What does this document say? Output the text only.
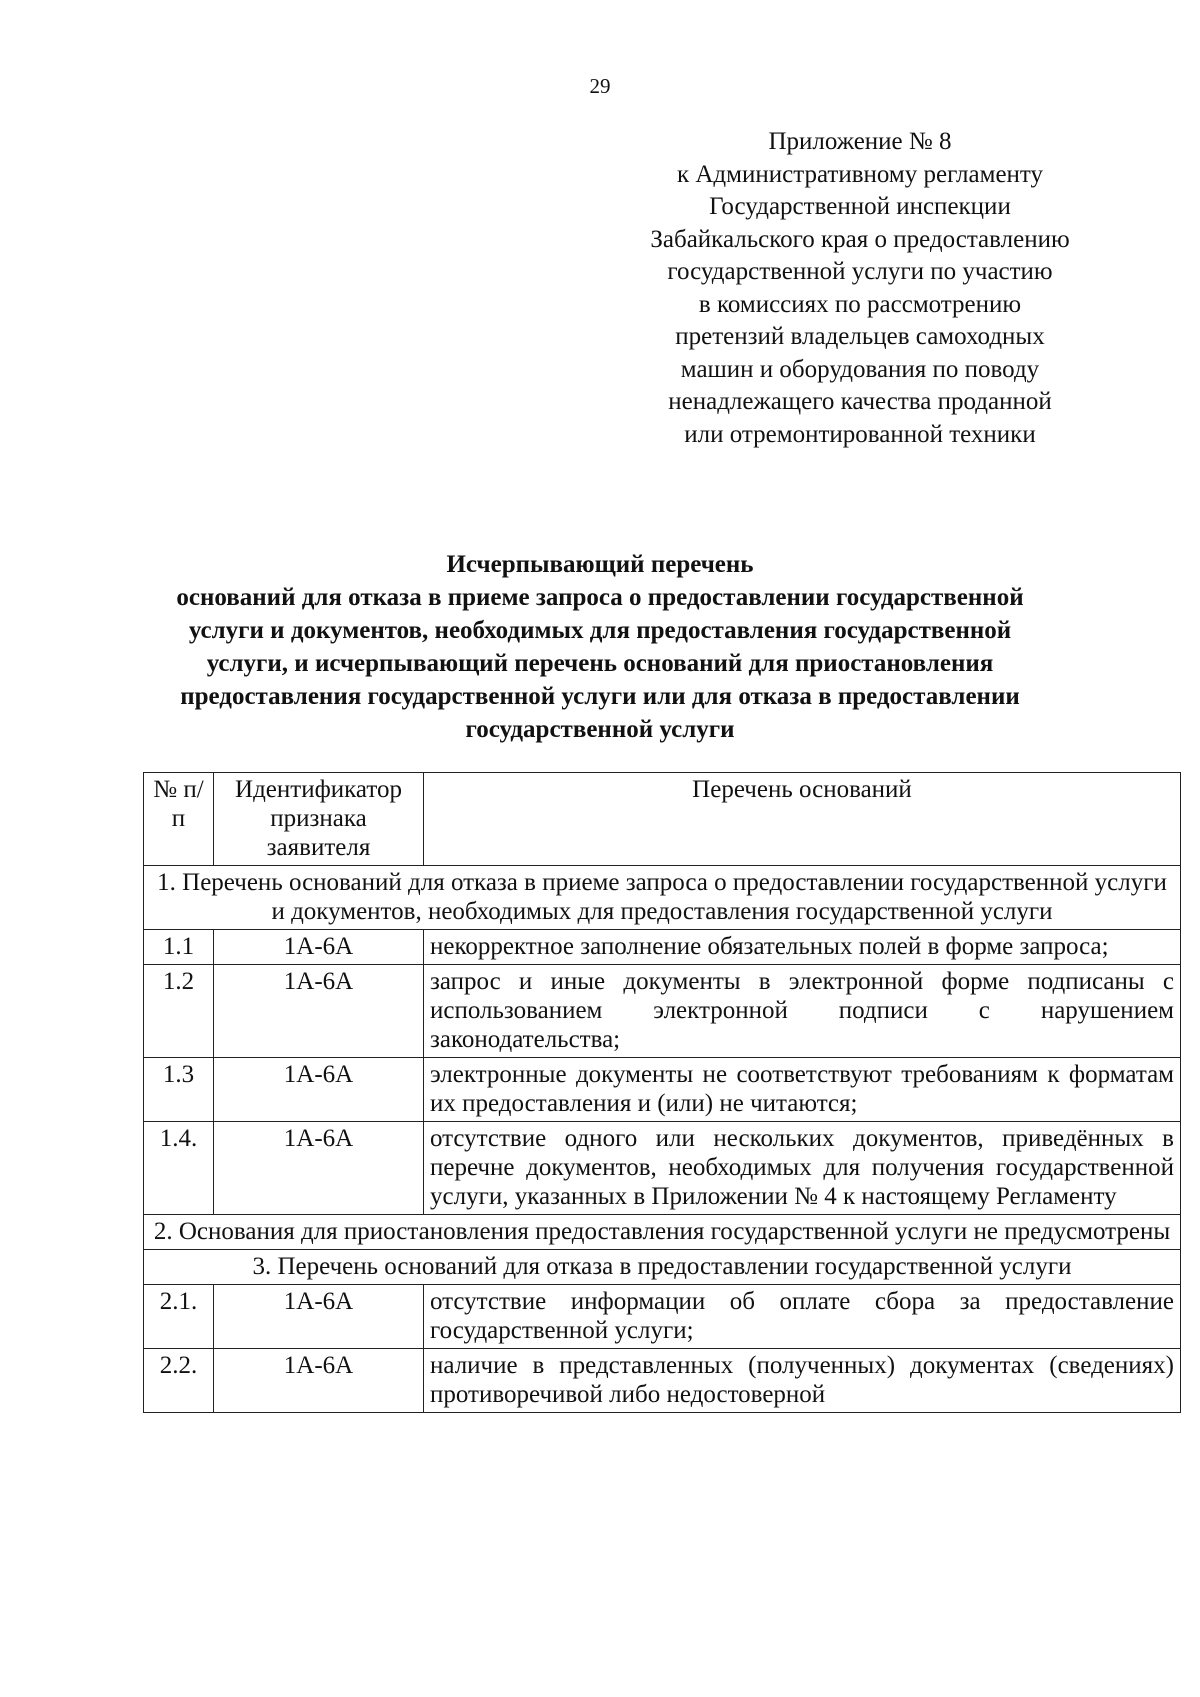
29
Приложение № 8
к Административному регламенту
Государственной инспекции
Забайкальского края о предоставлению
государственной услуги по участию
в комиссиях по рассмотрению
претензий владельцев самоходных
машин и оборудования по поводу
ненадлежащего качества проданной
или отремонтированной техники
Исчерпывающий перечень
оснований для отказа в приеме запроса о предоставлении государственной
услуги и документов, необходимых для предоставления государственной
услуги, и исчерпывающий перечень оснований для приостановления
предоставления государственной услуги или для отказа в предоставлении
государственной услуги
№ п/п	Идентификатор признака заявителя	Перечень оснований
1. Перечень оснований для отказа в приеме запроса о предоставлении государственной услуги и документов, необходимых для предоставления государственной услуги		
1.1	1А-6А	некорректное заполнение обязательных полей в форме запроса;
1.2	1А-6А	запрос и иные документы в электронной форме подписаны с использованием электронной подписи с нарушением законодательства;
1.3	1А-6А	электронные документы не соответствуют требованиям к форматам их предоставления и (или) не читаются;
1.4.	1А-6А	отсутствие одного или нескольких документов, приведённых в перечне документов, необходимых для получения государственной услуги, указанных в Приложении № 4 к настоящему Регламенту
2. Основания для приостановления предоставления государственной услуги не предусмотрены		
3. Перечень оснований для отказа в предоставлении государственной услуги		
2.1.	1А-6А	отсутствие информации об оплате сбора за предоставление государственной услуги;
2.2.	1А-6А	наличие в представленных (полученных) документах (сведениях) противоречивой либо недостоверной
